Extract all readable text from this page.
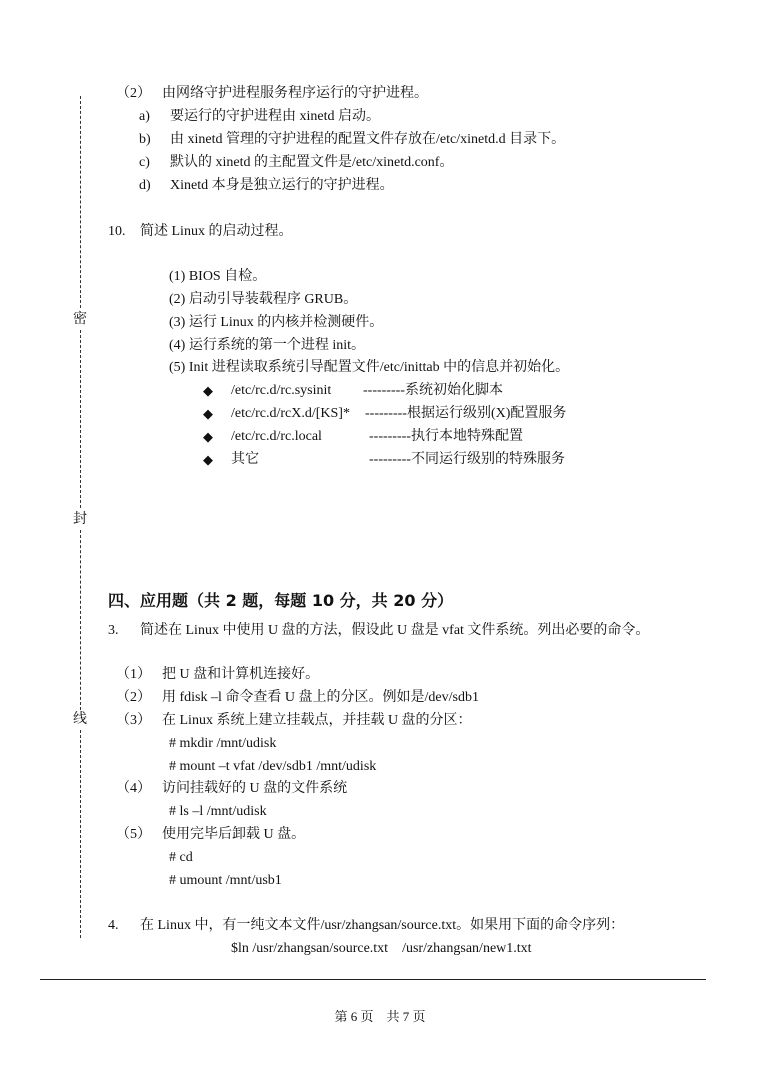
密
封
线
（2） 由网络守护进程服务程序运行的守护进程。
a) 要运行的守护进程由 xinetd 启动。
b) 由 xinetd 管理的守护进程的配置文件存放在/etc/xinetd.d 目录下。
c) 默认的 xinetd 的主配置文件是/etc/xinetd.conf。
d) Xinetd 本身是独立运行的守护进程。
10. 简述 Linux 的启动过程。
(1) BIOS 自检。
(2) 启动引导装载程序 GRUB。
(3) 运行 Linux 的内核并检测硬件。
(4) 运行系统的第一个进程 init。
(5) Init 进程读取系统引导配置文件/etc/inittab 中的信息并初始化。
◆ /etc/rc.d/rc.sysinit ---------系统初始化脚本
◆ /etc/rc.d/rcX.d/[KS]* ---------根据运行级别(X)配置服务
◆ /etc/rc.d/rc.local	---------执行本地特殊配置
◆ 其它	---------不同运行级别的特殊服务
四、应用题（共 2 题，每题 10 分，共 20 分）
3. 简述在 Linux 中使用 U 盘的方法，假设此 U 盘是 vfat 文件系统。列出必要的命令。
（1） 把 U 盘和计算机连接好。
（2） 用 fdisk –l 命令查看 U 盘上的分区。例如是/dev/sdb1
（3） 在 Linux 系统上建立挂载点，并挂载 U 盘的分区：
# mkdir /mnt/udisk
# mount –t vfat /dev/sdb1 /mnt/udisk
（4） 访问挂载好的 U 盘的文件系统
# ls –l /mnt/udisk
（5） 使用完毕后卸载 U 盘。
# cd
# umount /mnt/usb1
4. 在 Linux 中，有一纯文本文件/usr/zhangsan/source.txt。如果用下面的命令序列：
$ln /usr/zhangsan/source.txt    /usr/zhangsan/new1.txt
第 6 页    共 7 页
